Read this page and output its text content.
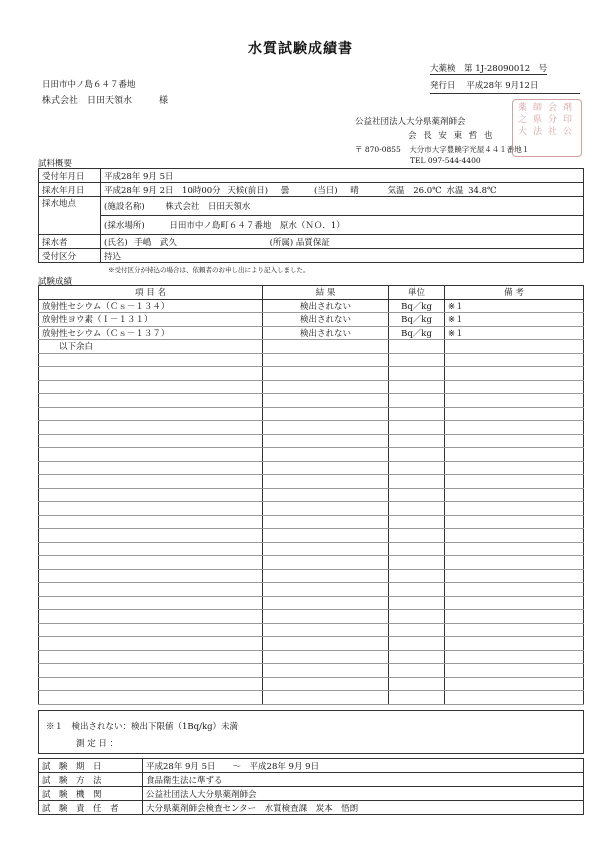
水質試験成績書
大薬検　第 1J-28090012　号
発行日 平成28年 9月12日
日田市中ノ島６４７番地
株式会社　日田天領水　　　様
公益社団法人大分県薬剤師会
会 長 安 東 哲 也
〒 870-0855 大分市大字豊饒字光屋４４１番地１
TEL 097-544-4400
薬 師 会 剤
之 県 分 印
大 法 社 公
試料概要
受付年月日	平成28年 9月 5日
採水年月日	平成28年 9月 2日　10時00分 天候(前日) 曇 (当日) 晴 気温 26.0℃ 水温 34.8℃
採水地点	(施設名称) 株式会社　日田天領水
	(採水場所) 日田市中ノ島町６４７番地　原水（ＮＯ．1）
採水者	(氏名) 手嶋　武久 (所属) 品質保証
受付区分	持込
※受付区分が持込の場合は、依頼者のお申し出により記入しました。
試験成績
項 目 名	結 果	単位	備 考
放射性セシウム（Ｃｓ－１３４）	検出されない	Bq／kg	※１
放射性ヨウ素（Ｉ－１３１）	検出されない	Bq／kg	※１
放射性セシウム（Ｃｓ－１３７）	検出されない	Bq／kg	※１
　　以下余白			

※１　検出されない：検出下限値（1Bq/kg）未満
測 定 日 ：
試　験　期　日	平成28年 9月 5日　　～　平成28年 9月 9日
試　験　方　法	食品衛生法に準ずる
試　験　機　関	公益社団法人大分県薬剤師会
試　験　責　任　者	大分県薬剤師会検査センター　水質検査課　炭本　悟朗
